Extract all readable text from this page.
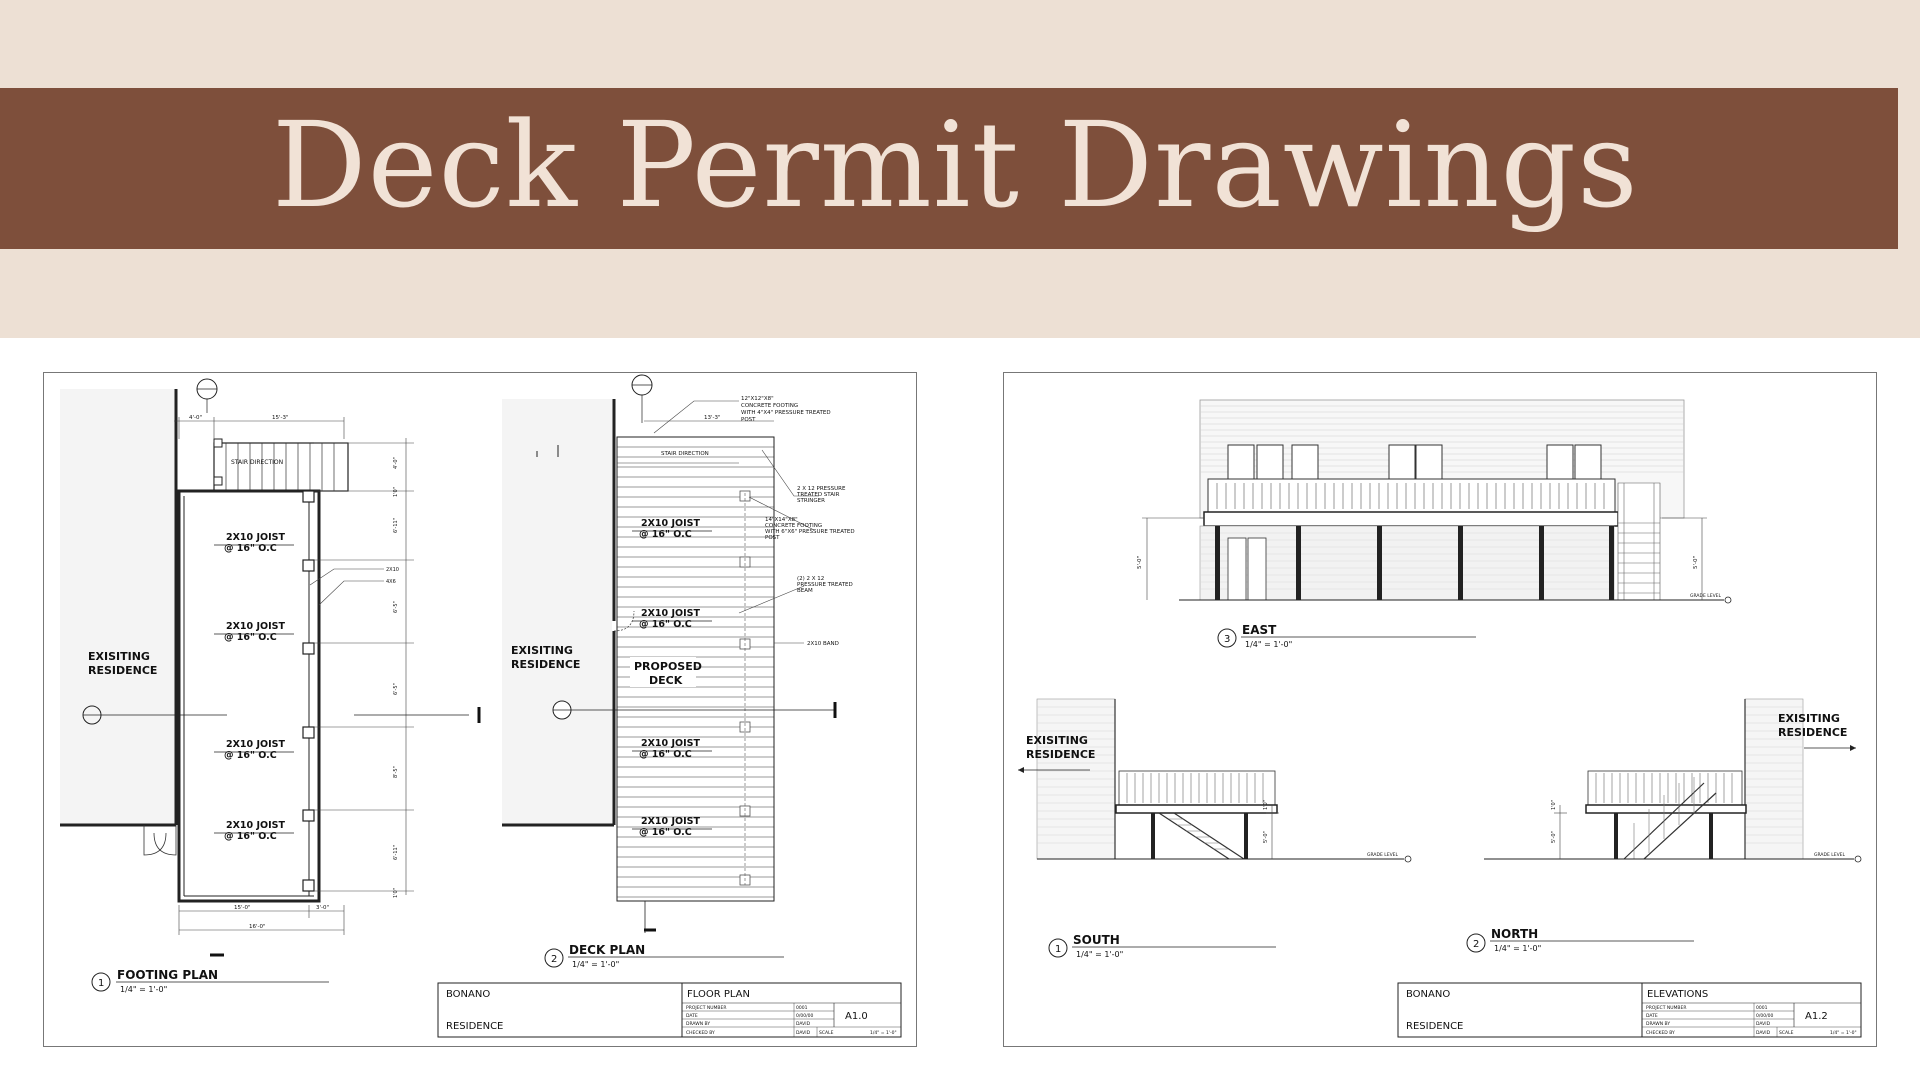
Deck Permit Drawings
STAIR DIRECTION	4'-0"
1'0"
6'-11"
6'-5"
6'-5"
8'-5"
6'-11"
1'0"
4'-0"	15'-3"
2X10
4X6
2X10 JOIST
@ 16" O.C
2X10 JOIST
@ 16" O.C
2X10 JOIST
@ 16" O.C
2X10 JOIST
@ 16" O.C
EXISITING
RESIDENCE
15'-0"	3'-0"
16'-0"
1
FOOTING PLAN
1/4" = 1'-0"
STAIR DIRECTION
13'-3"
2X10 JOIST
@ 16" O.C
2X10 JOIST
@ 16" O.C
2X10 JOIST
@ 16" O.C
2X10 JOIST
@ 16" O.C
PROPOSED
DECK
EXISITING
RESIDENCE
12"X12"X8"
CONCRETE FOOTING
WITH 4"X4" PRESSURE TREATED
POST
2 X 12 PRESSURE
TREATED STAIR
STRINGER
14"X14"X8"
CONCRETE FOOTING
WITH 6"X6" PRESSURE TREATED
POST
(2) 2 X 12
PRESSURE TREATED
BEAM
2X10 BAND
2
DECK PLAN
1/4" = 1'-0"
BONANO
RESIDENCE
FLOOR PLAN
PROJECT NUMBER	0001
DATE	0/00/00
DRAWN BY	DAVID
CHECKED BY	DAVID SCALE	1/4" = 1'-0"
A1.0
GRADE LEVEL
5'-0"	5'-0"
3
EAST
1/4" = 1'-0"
GRADE LEVEL
1'0"
5'-0"
EXISITING
RESIDENCE
1
SOUTH
1/4" = 1'-0"
GRADE LEVEL
1'0"
5'-0"
EXISITING
RESIDENCE
2
NORTH
1/4" = 1'-0"
BONANO
RESIDENCE
ELEVATIONS
PROJECT NUMBER	0001
DATE	0/00/00
DRAWN BY	DAVID
CHECKED BY	DAVID SCALE	1/4" = 1'-0"
A1.2
